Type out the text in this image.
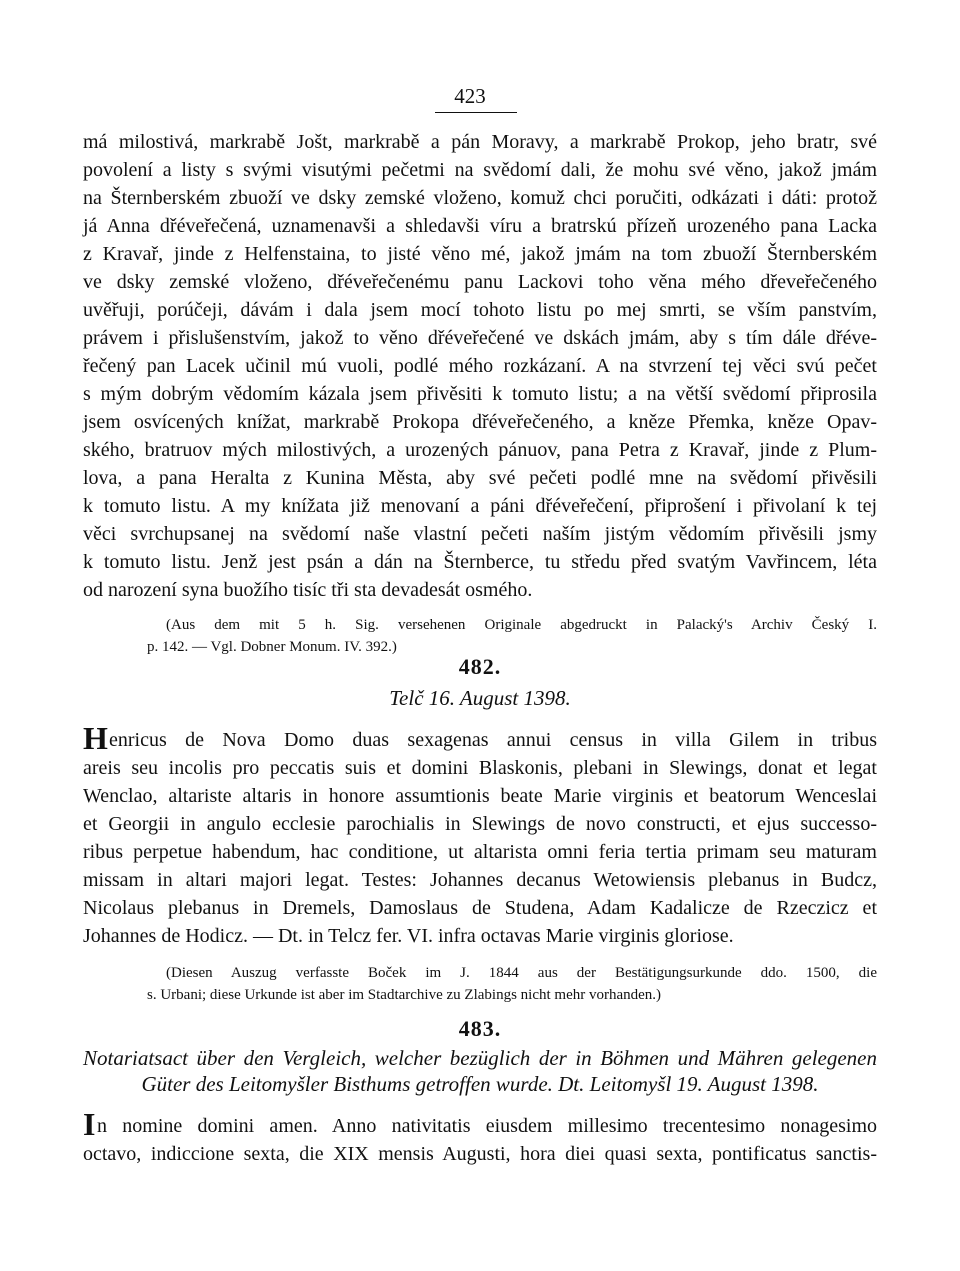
423
má milostivá, markrabě Jošt, markrabě a pán Moravy, a markrabě Prokop, jeho bratr, své
povolení a listy s svými visutými pečetmi na svědomí dali, že mohu své věno, jakož jmám
na Šternberském zbuoží ve dsky zemské vloženo, komuž chci poručiti, odkázati i dáti: protož
já Anna dřéveřečená, uznamenavši a shledavši víru a bratrskú přízeň urozeného pana Lacka
z Kravař, jinde z Helfenstaina, to jisté věno mé, jakož jmám na tom zbuoží Šternberském
ve dsky zemské vloženo, dřéveřečenému panu Lackovi toho věna mého dřeveřečeného
uvěřuji, porúčeji, dávám i dala jsem mocí tohoto listu po mej smrti, se vším panstvím,
právem i přislušenstvím, jakož to věno dřéveřečené ve dskách jmám, aby s tím dále dřéve-
řečený pan Lacek učinil mú vuoli, podlé mého rozkázaní. A na stvrzení tej věci svú pečet
s mým dobrým vědomím kázala jsem přivěsiti k tomuto listu; a na větší svědomí připrosila
jsem osvícených knížat, markrabě Prokopa dřéveřečeného, a kněze Přemka, kněze Opav-
ského, bratruov mých milostivých, a urozených pánuov, pana Petra z Kravař, jinde z Plum-
lova, a pana Heralta z Kunina Města, aby své pečeti podlé mne na svědomí přivěsili
k tomuto listu. A my knížata již menovaní a páni dřéveřečení, připrošení i přivolaní k tej
věci svrchupsanej na svědomí naše vlastní pečeti naším jistým vědomím přivěsili jsmy
k tomuto listu. Jenž jest psán a dán na Šternberce, tu středu před svatým Vavřincem, léta
od narození syna buožího tisíc tři sta devadesát osmého.
(Aus dem mit 5 h. Sig. versehenen Originale abgedruckt in Palacký's Archiv Český I.
p. 142. — Vgl. Dobner Monum. IV. 392.)
482.
Telč 16. August 1398.
H enricus de Nova Domo duas sexagenas annui census in villa Gilem in tribus
areis seu incolis pro peccatis suis et domini Blaskonis, plebani in Slewings, donat et legat
Wenclao, altariste altaris in honore assumtionis beate Marie virginis et beatorum Wenceslai
et Georgii in angulo ecclesie parochialis in Slewings de novo constructi, et ejus successo-
ribus perpetue habendum, hac conditione, ut altarista omni feria tertia primam seu maturam
missam in altari majori legat. Testes: Johannes decanus Wetowiensis plebanus in Budcz,
Nicolaus plebanus in Dremels, Damoslaus de Studena, Adam Kadalicze de Rzeczicz et
Johannes de Hodicz. — Dt. in Telcz fer. VI. infra octavas Marie virginis gloriose.
(Diesen Auszug verfasste Boček im J. 1844 aus der Bestätigungsurkunde ddo. 1500, die
s. Urbani; diese Urkunde ist aber im Stadtarchive zu Zlabings nicht mehr vorhanden.)
483.
Notariatsact über den Vergleich, welcher bezüglich der in Böhmen und Mähren gelegenen
Güter des Leitomyšler Bisthums getroffen wurde. Dt. Leitomyšl 19. August 1398.
I n nomine domini amen. Anno nativitatis eiusdem millesimo trecentesimo nonagesimo
octavo, indiccione sexta, die XIX mensis Augusti, hora diei quasi sexta, pontificatus sanctis-
